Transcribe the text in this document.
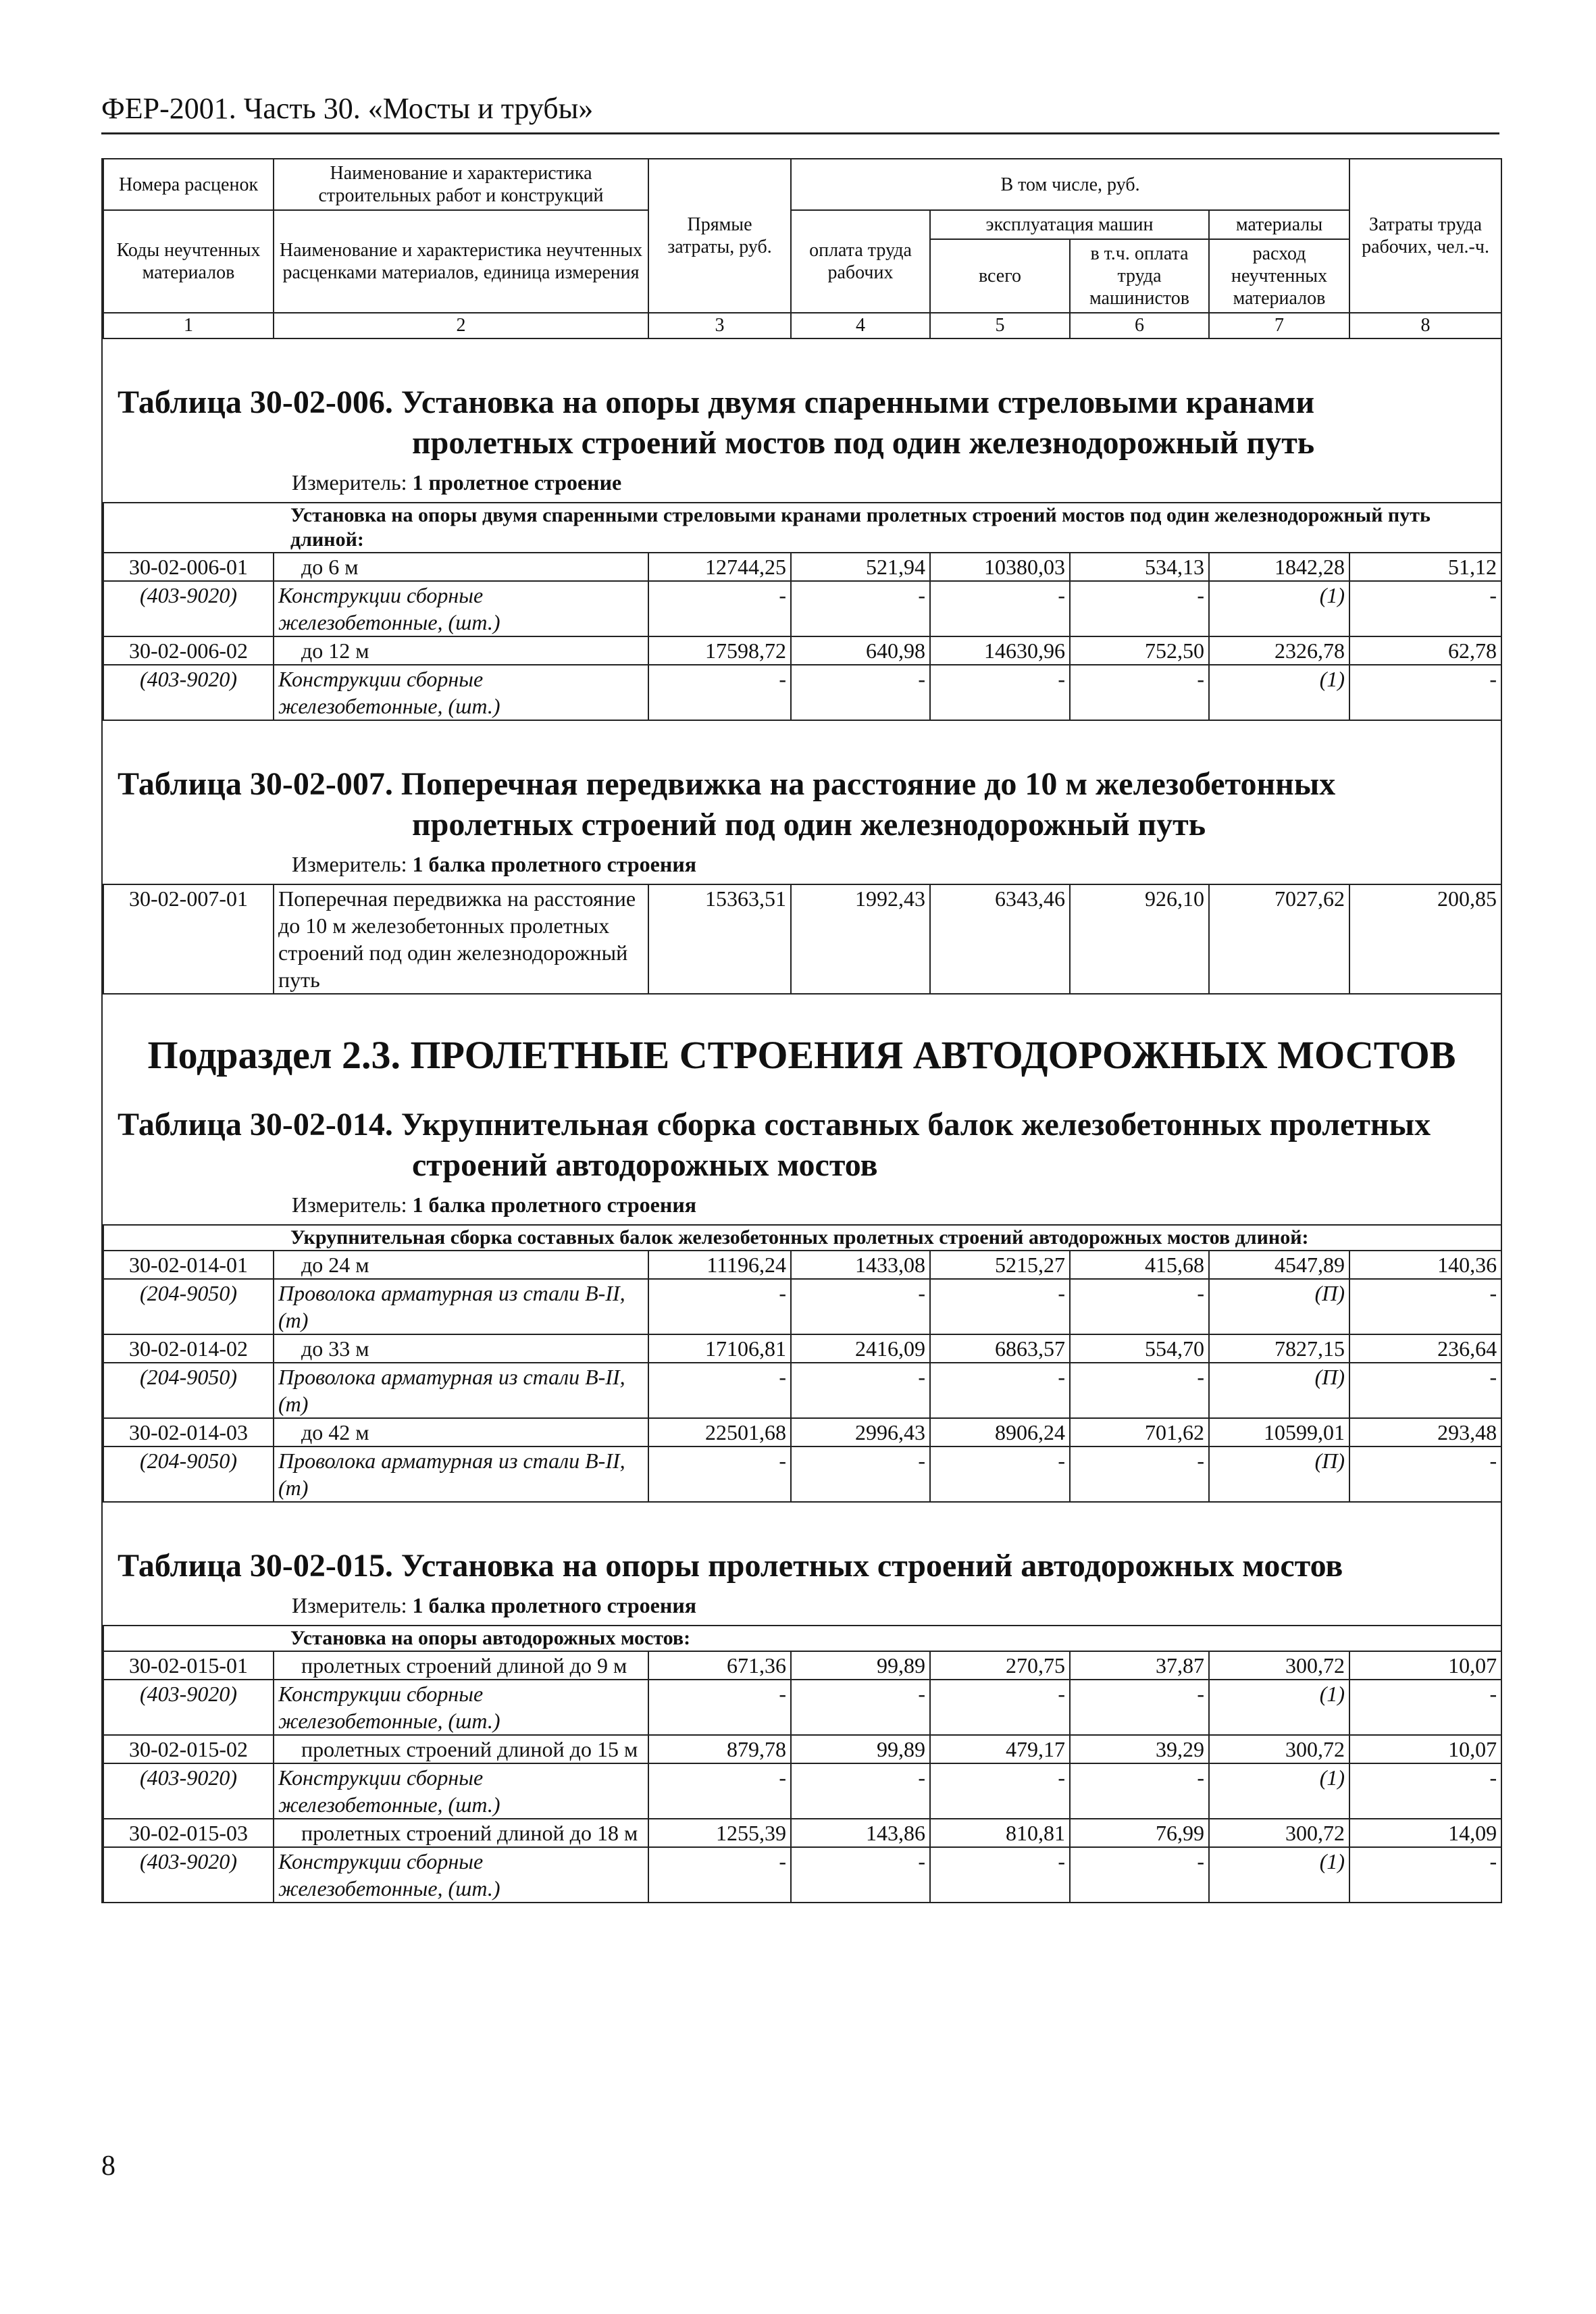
ФЕР-2001. Часть 30. «Мосты и трубы»
Номера расценок	Наименование и характеристика строительных работ и конструкций	Прямые затраты, руб.	В том числе, руб.				Затраты труда рабочих, чел.-ч.
Коды неучтенных материалов	Наименование и характеристика неучтенных расценками материалов, единица измерения		оплата труда рабочих	эксплуатация машин		материалы	
				всего	в т.ч. оплата труда машинистов	расход неучтенных материалов	
1	2	3	4	5	6	7	8
Таблица 30-02-006. Установка на опоры двумя спаренными стреловыми кранами
пролетных строений мостов под один железнодорожный путь
Измеритель: 1 пролетное строение
Установка на опоры двумя спаренными стреловыми кранами пролетных строений мостов под один железнодорожный путь длиной:							
30-02-006-01	до 6 м	12744,25	521,94	10380,03	534,13	1842,28	51,12
(403-9020)	Конструкции сборные железобетонные, (шт.)	-	-	-	-	(1)	-
30-02-006-02	до 12 м	17598,72	640,98	14630,96	752,50	2326,78	62,78
(403-9020)	Конструкции сборные железобетонные, (шт.)	-	-	-	-	(1)	-
Таблица 30-02-007. Поперечная передвижка на расстояние до 10 м железобетонных
пролетных строений под один железнодорожный путь
Измеритель: 1 балка пролетного строения
30-02-007-01	Поперечная передвижка на расстояние до 10 м железобетонных пролетных строений под один железнодорожный путь	15363,51	1992,43	6343,46	926,10	7027,62	200,85
Подраздел 2.3. ПРОЛЕТНЫЕ СТРОЕНИЯ АВТОДОРОЖНЫХ МОСТОВ
Таблица 30-02-014. Укрупнительная сборка составных балок железобетонных пролетных
строений автодорожных мостов
Измеритель: 1 балка пролетного строения
Укрупнительная сборка составных балок железобетонных пролетных строений автодорожных мостов длиной:							
30-02-014-01	до 24 м	11196,24	1433,08	5215,27	415,68	4547,89	140,36
(204-9050)	Проволока арматурная из стали В-II, (т)	-	-	-	-	(П)	-
30-02-014-02	до 33 м	17106,81	2416,09	6863,57	554,70	7827,15	236,64
(204-9050)	Проволока арматурная из стали В-II, (т)	-	-	-	-	(П)	-
30-02-014-03	до 42 м	22501,68	2996,43	8906,24	701,62	10599,01	293,48
(204-9050)	Проволока арматурная из стали В-II, (т)	-	-	-	-	(П)	-
Таблица 30-02-015. Установка на опоры пролетных строений автодорожных мостов
Измеритель: 1 балка пролетного строения
Установка на опоры автодорожных мостов:							
30-02-015-01	пролетных строений длиной до 9 м	671,36	99,89	270,75	37,87	300,72	10,07
(403-9020)	Конструкции сборные железобетонные, (шт.)	-	-	-	-	(1)	-
30-02-015-02	пролетных строений длиной до 15 м	879,78	99,89	479,17	39,29	300,72	10,07
(403-9020)	Конструкции сборные железобетонные, (шт.)	-	-	-	-	(1)	-
30-02-015-03	пролетных строений длиной до 18 м	1255,39	143,86	810,81	76,99	300,72	14,09
(403-9020)	Конструкции сборные железобетонные, (шт.)	-	-	-	-	(1)	-
8
